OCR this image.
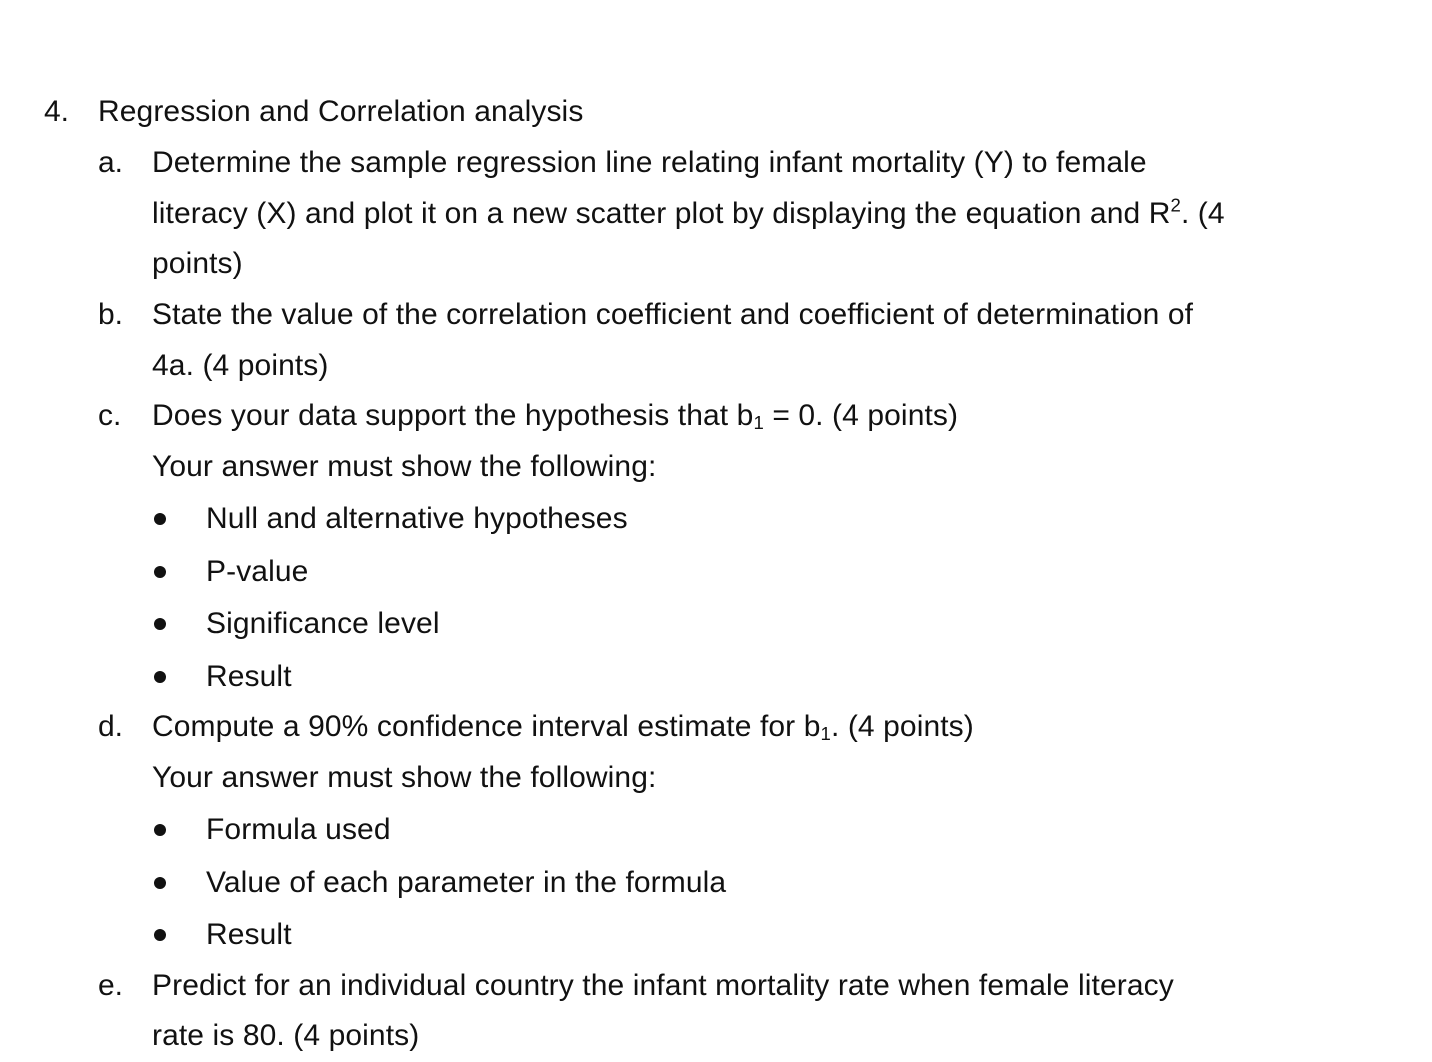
4. Regression and Correlation analysis
a. Determine the sample regression line relating infant mortality (Y) to female
literacy (X) and plot it on a new scatter plot by displaying the equation and $R^2$. (4
points)
b. State the value of the correlation coefficient and coefficient of determination of
4a. (4 points)
c. Does your data support the hypothesis that $b_1 = 0$. (4 points)
Your answer must show the following:
Null and alternative hypotheses
P-value
Significance level
Result
d. Compute a 90% confidence interval estimate for $b_1$. (4 points)
Your answer must show the following:
Formula used
Value of each parameter in the formula
Result
e. Predict for an individual country the infant mortality rate when female literacy
rate is 80. (4 points)
